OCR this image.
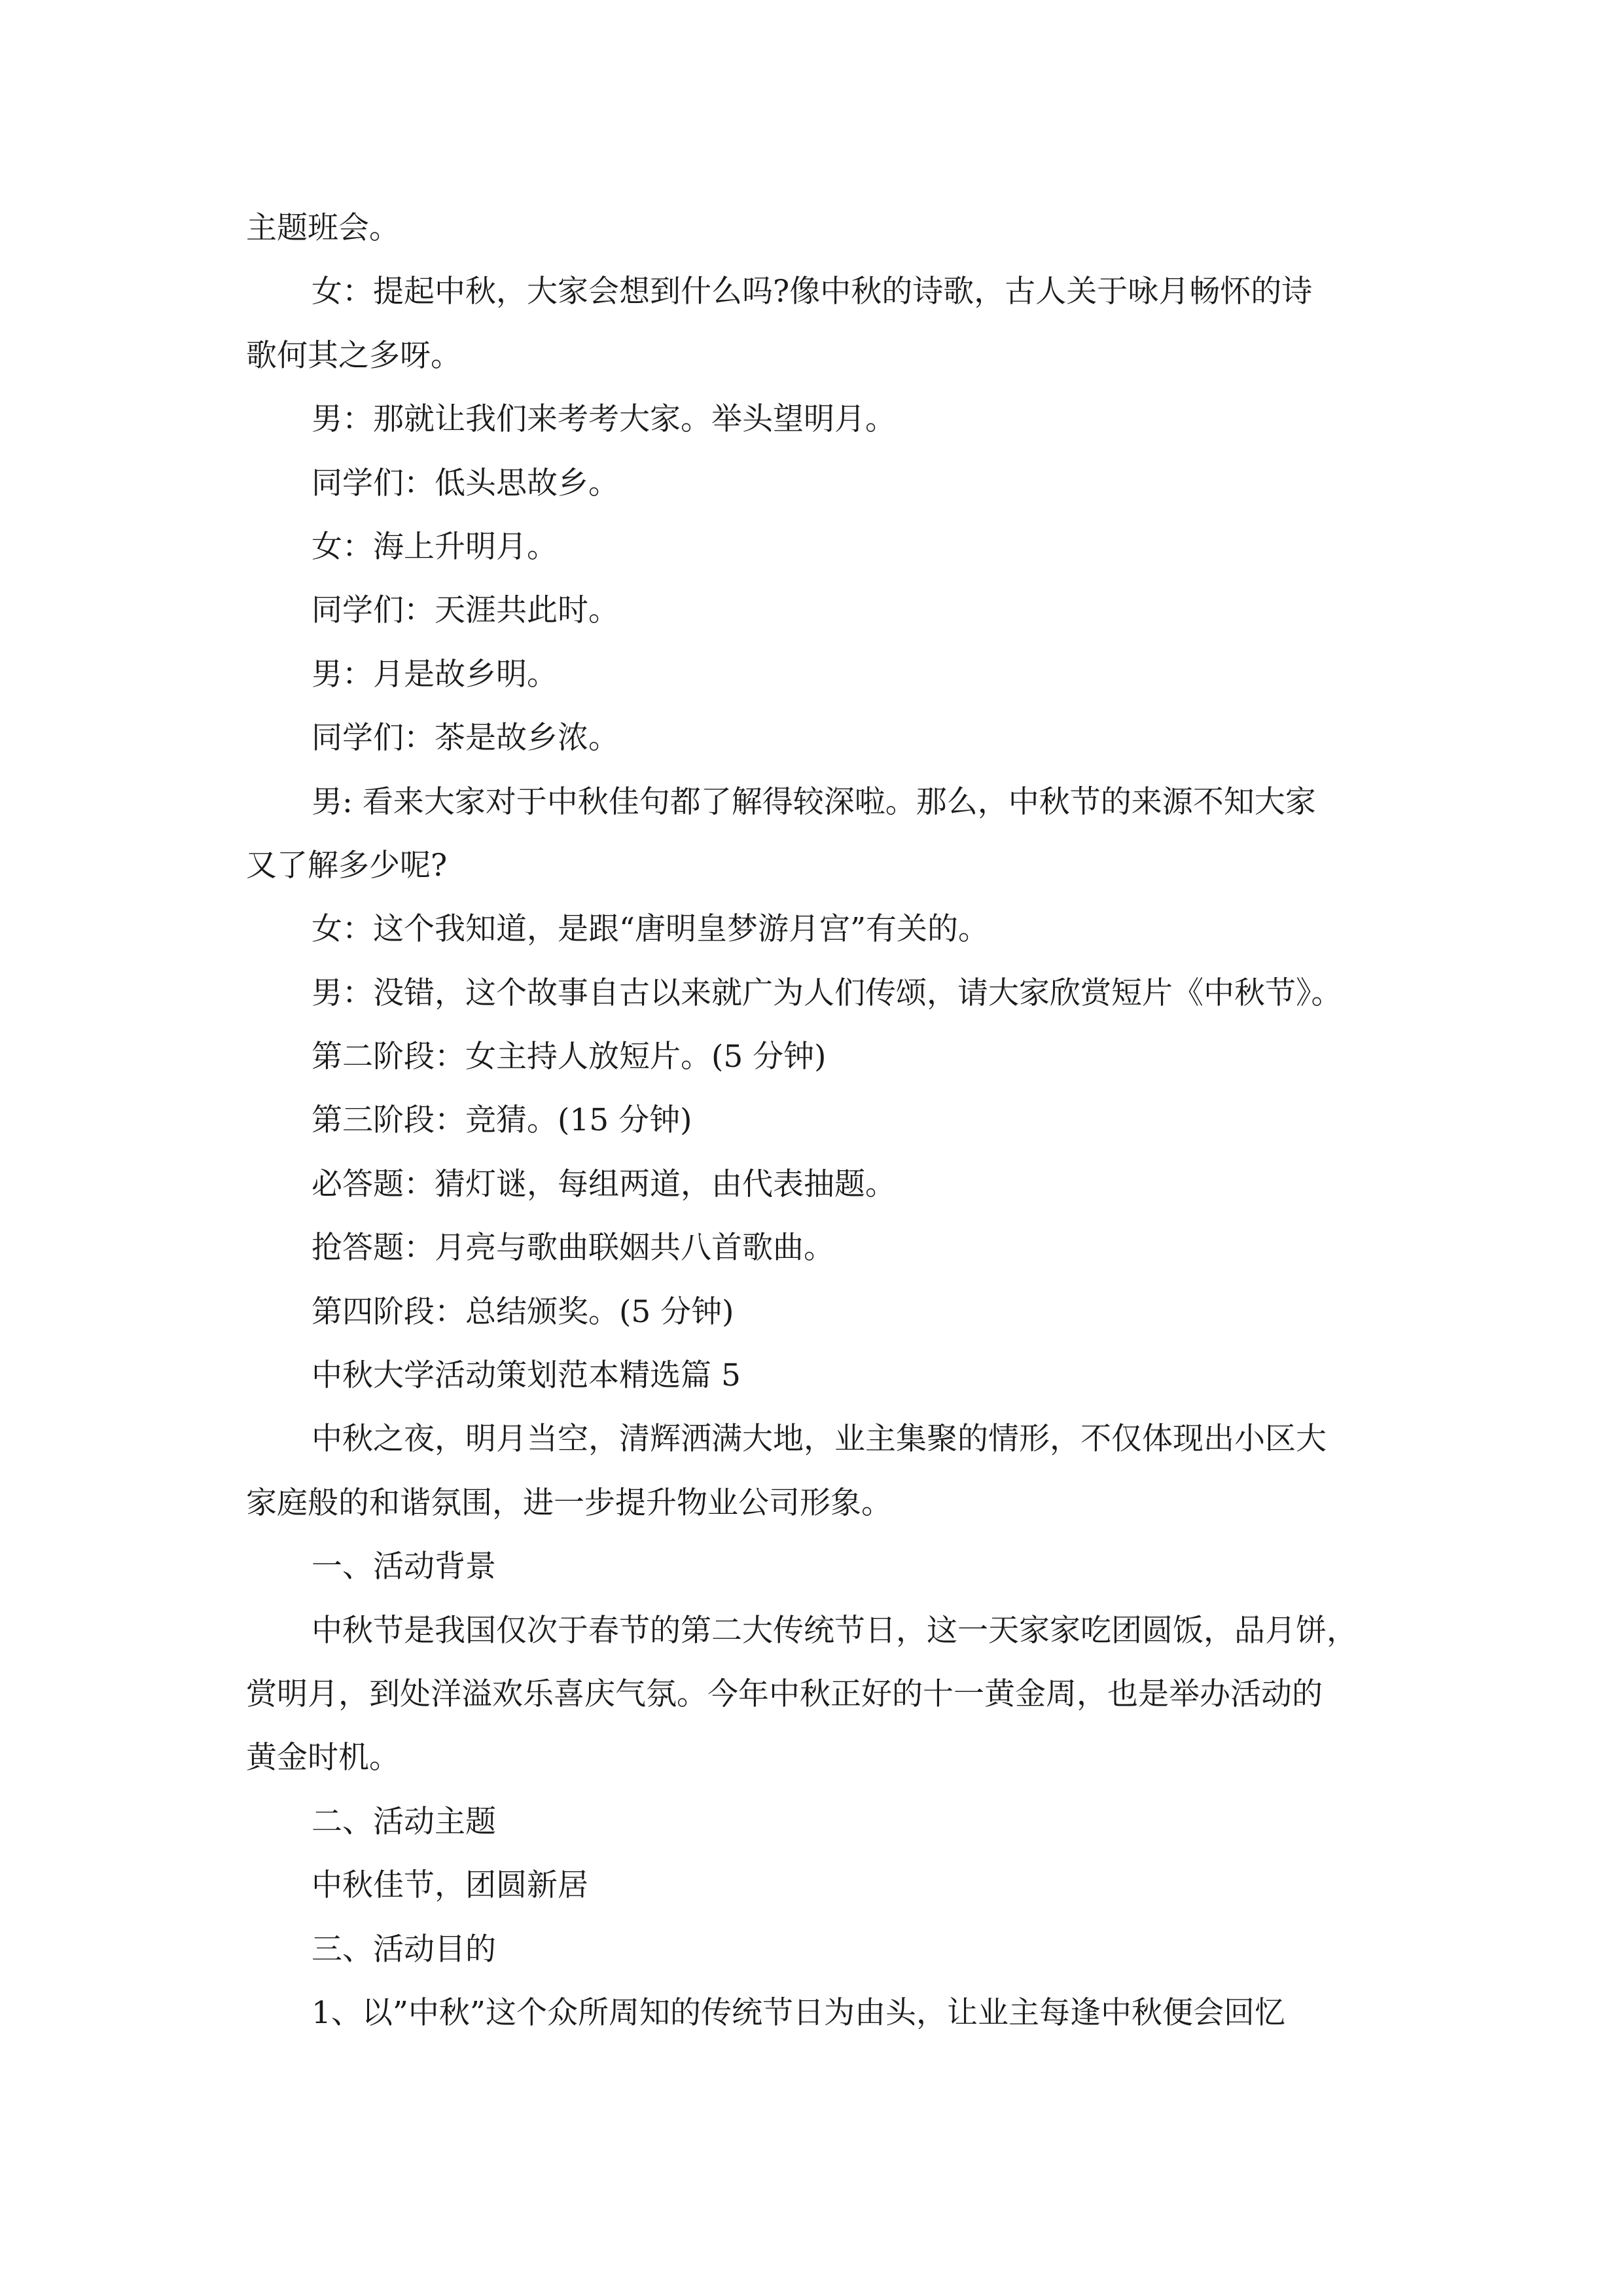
主题班会。

女：提起中秋，大家会想到什么吗?像中秋的诗歌，古人关于咏月畅怀的诗

歌何其之多呀。

男：那就让我们来考考大家。举头望明月。

同学们：低头思故乡。

女：海上升明月。

同学们：天涯共此时。

男：月是故乡明。

同学们：茶是故乡浓。

男: 看来大家对于中秋佳句都了解得较深啦。那么，中秋节的来源不知大家

又了解多少呢?

女：这个我知道，是跟“唐明皇梦游月宫”有关的。

男：没错，这个故事自古以来就广为人们传颂，请大家欣赏短片《中秋节》。

第二阶段：女主持人放短片。(5 分钟)

第三阶段：竞猜。(15 分钟)

必答题：猜灯谜，每组两道，由代表抽题。

抢答题：月亮与歌曲联姻共八首歌曲。

第四阶段：总结颁奖。(5 分钟)

中秋大学活动策划范本精选篇 5

中秋之夜，明月当空，清辉洒满大地，业主集聚的情形，不仅体现出小区大

家庭般的和谐氛围，进一步提升物业公司形象。

一、活动背景

中秋节是我国仅次于春节的第二大传统节日，这一天家家吃团圆饭，品月饼，

赏明月，到处洋溢欢乐喜庆气氛。今年中秋正好的十一黄金周，也是举办活动的

黄金时机。

二、活动主题

中秋佳节，团圆新居

三、活动目的

1、以”中秋”这个众所周知的传统节日为由头，让业主每逢中秋便会回忆
